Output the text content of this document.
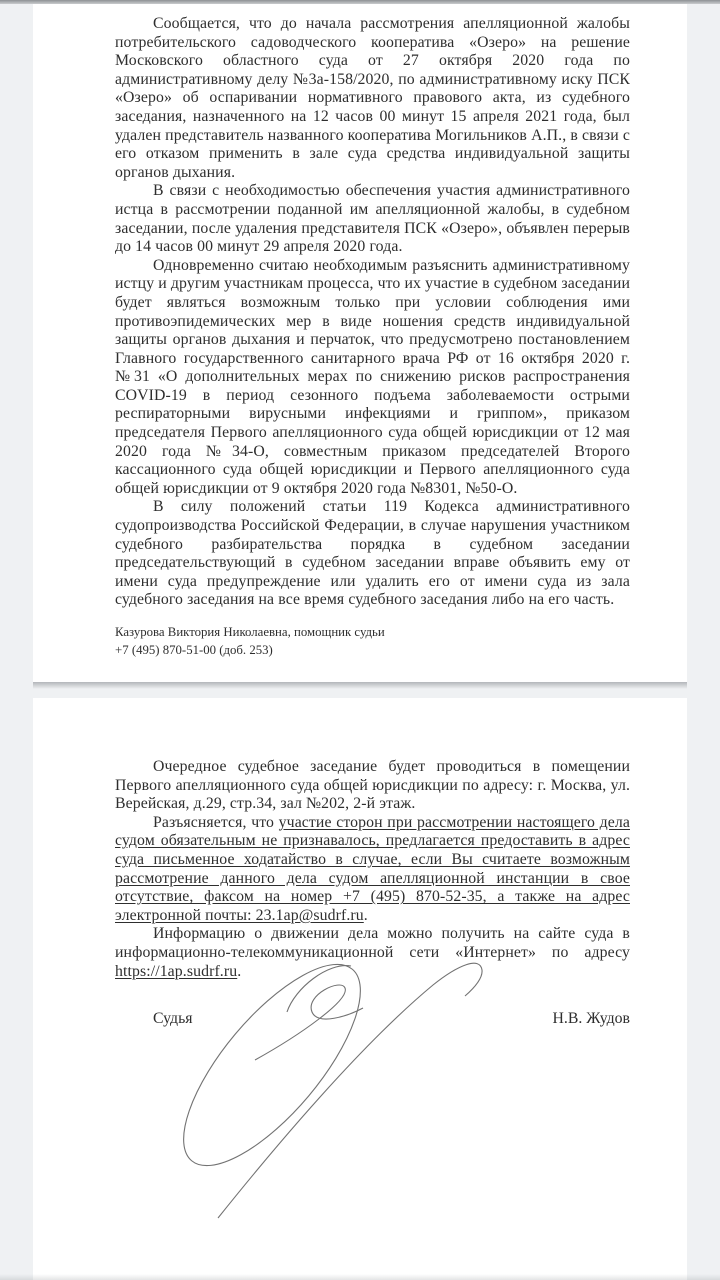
Сообщается, что до начала рассмотрения апелляционной жалобы потребительского садоводческого кооператива «Озеро» на решение Московского областного суда от 27 октября 2020 года по административному делу №3а-158/2020, по административному иску ПСК «Озеро» об оспаривании нормативного правового акта, из судебного заседания, назначенного на 12 часов 00 минут 15 апреля 2021 года, был удален представитель названного кооператива Могильников А.П., в связи с его отказом применить в зале суда средства индивидуальной защиты органов дыхания.

В связи с необходимостью обеспечения участия административного истца в рассмотрении поданной им апелляционной жалобы, в судебном заседании, после удаления представителя ПСК «Озеро», объявлен перерыв до 14 часов 00 минут 29 апреля 2020 года.

Одновременно считаю необходимым разъяснить административному истцу и другим участникам процесса, что их участие в судебном заседании будет являться возможным только при условии соблюдения ими противоэпидемических мер в виде ношения средств индивидуальной защиты органов дыхания и перчаток, что предусмотрено постановлением Главного государственного санитарного врача РФ от 16 октября 2020 г. №31 «О дополнительных мерах по снижению рисков распространения COVID-19 в период сезонного подъема заболеваемости острыми респираторными вирусными инфекциями и гриппом», приказом председателя Первого апелляционного суда общей юрисдикции от 12 мая 2020 года №34-О, совместным приказом председателей Второго кассационного суда общей юрисдикции и Первого апелляционного суда общей юрисдикции от 9 октября 2020 года №8301, №50-О.

В силу положений статьи 119 Кодекса административного судопроизводства Российской Федерации, в случае нарушения участником судебного разбирательства порядка в судебном заседании председательствующий в судебном заседании вправе объявить ему от имени суда предупреждение или удалить его от имени суда из зала судебного заседания на все время судебного заседания либо на его часть.

Казурова Виктория Николаевна, помощник судьи
+7 (495) 870-51-00 (доб. 253)

Очередное судебное заседание будет проводиться в помещении Первого апелляционного суда общей юрисдикции по адресу: г. Москва, ул. Верейская, д.29, стр.34, зал №202, 2-й этаж.

Разъясняется, что участие сторон при рассмотрении настоящего дела судом обязательным не признавалось, предлагается предоставить в адрес суда письменное ходатайство в случае, если Вы считаете возможным рассмотрение данного дела судом апелляционной инстанции в свое отсутствие, факсом на номер +7 (495) 870-52-35, а также на адрес электронной почты: 23.1ap@sudrf.ru.

Информацию о движении дела можно получить на сайте суда в информационно-телекоммуникационной сети «Интернет» по адресу https://1ap.sudrf.ru.

Судья	Н.В. Жудов
